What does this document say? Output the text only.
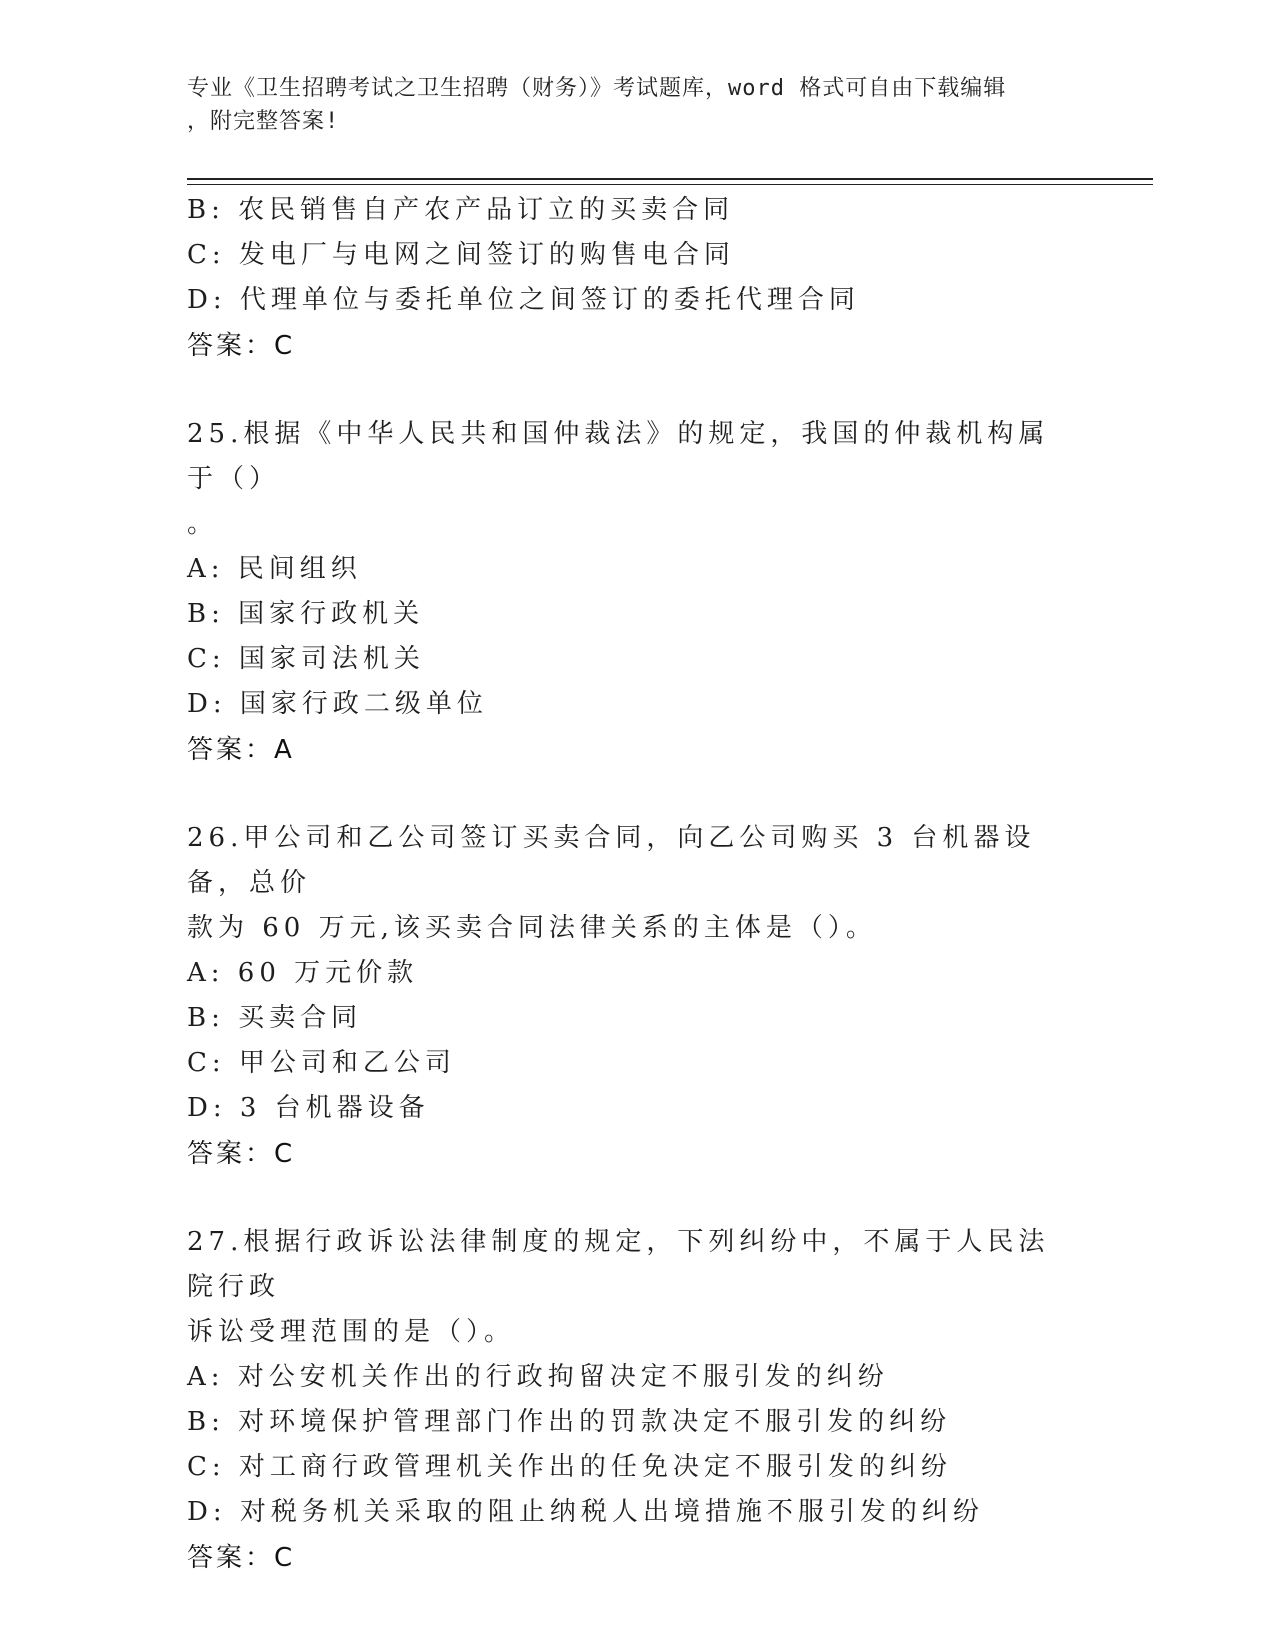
专业《卫生招聘考试之卫生招聘（财务）》考试题库，word 格式可自由下载编辑
，附完整答案!
B: 农民销售自产农产品订立的买卖合同
C: 发电厂与电网之间签订的购售电合同
D: 代理单位与委托单位之间签订的委托代理合同
答案：C
25.根据《中华人民共和国仲裁法》的规定，我国的仲裁机构属于（）
。
A: 民间组织
B: 国家行政机关
C: 国家司法机关
D: 国家行政二级单位
答案：A
26.甲公司和乙公司签订买卖合同，向乙公司购买 3 台机器设备，总价
款为 60 万元,该买卖合同法律关系的主体是（）。
A: 60 万元价款
B: 买卖合同
C: 甲公司和乙公司
D: 3 台机器设备
答案：C
27.根据行政诉讼法律制度的规定，下列纠纷中，不属于人民法院行政
诉讼受理范围的是（）。
A: 对公安机关作出的行政拘留决定不服引发的纠纷
B: 对环境保护管理部门作出的罚款决定不服引发的纠纷
C: 对工商行政管理机关作出的任免决定不服引发的纠纷
D: 对税务机关采取的阻止纳税人出境措施不服引发的纠纷
答案：C
